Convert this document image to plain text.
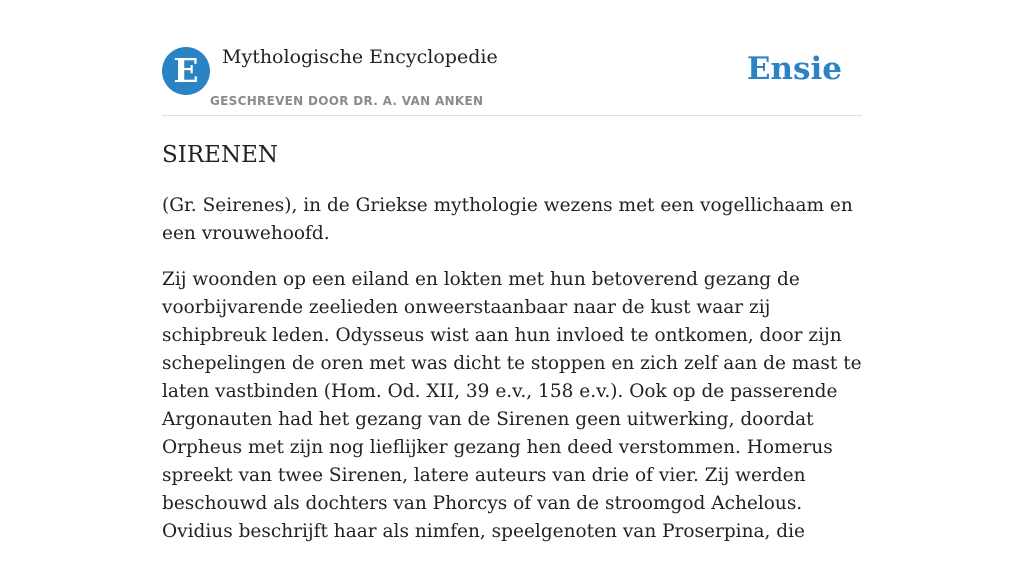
E	Mythologische Encyclopedie
GESCHREVEN DOOR DR. A. VAN ANKEN
Ensie
SIRENEN

(Gr. Seirenes), in de Griekse mythologie wezens met een vogellichaam en een vrouwehoofd.

Zij woonden op een eiland en lokten met hun betoverend gezang de voorbijvarende zeelieden onweerstaanbaar naar de kust waar zij schipbreuk leden. Odysseus wist aan hun invloed te ontkomen, door zijn schepelingen de oren met was dicht te stoppen en zich zelf aan de mast te laten vastbinden (Hom. Od. XII, 39 e.v., 158 e.v.). Ook op de passerende Argonauten had het gezang van de Sirenen geen uitwerking, doordat Orpheus met zijn nog lieflijker gezang hen deed verstommen. Homerus spreekt van twee Sirenen, latere auteurs van drie of vier. Zij werden beschouwd als dochters van Phorcys of van de stroomgod Achelous. Ovidius beschrijft haar als nimfen, speelgenoten van Proserpina, die
